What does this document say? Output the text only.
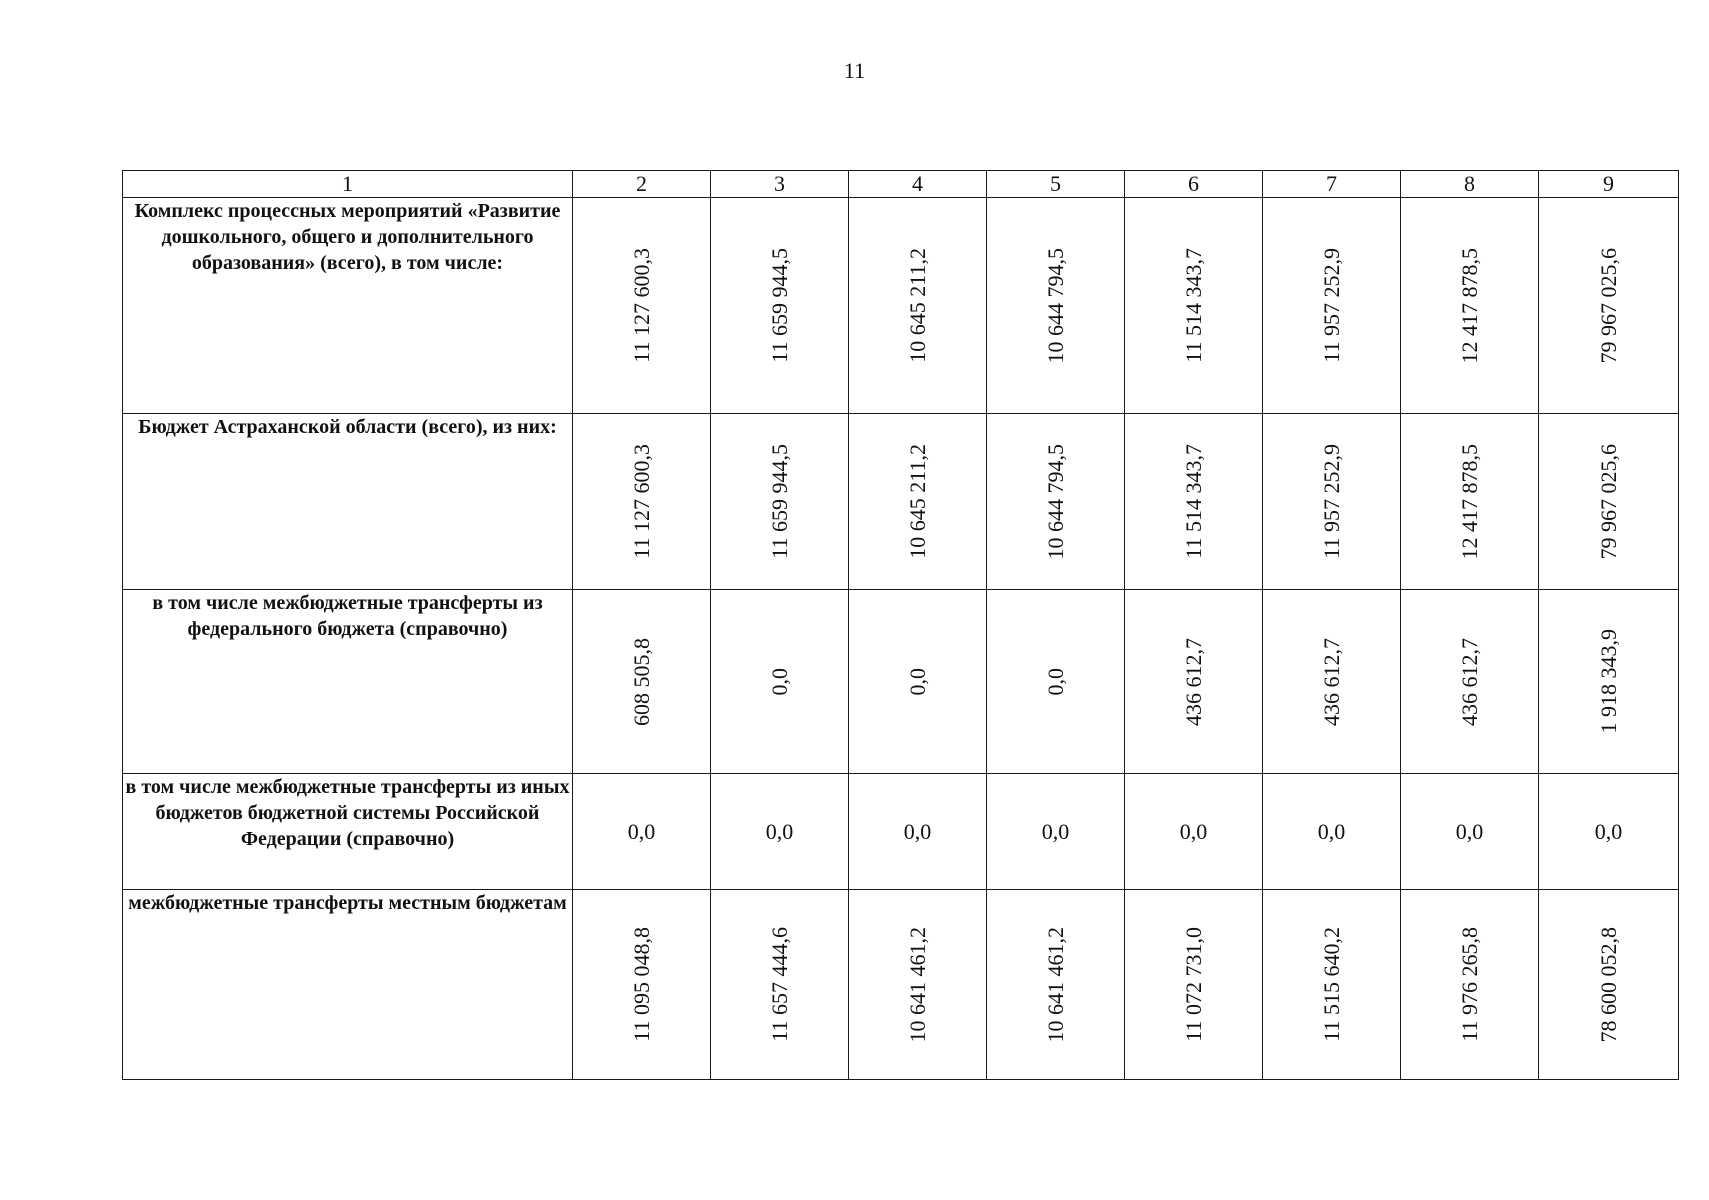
11
1	2	3	4	5	6	7	8	9
Комплекс процессных мероприятий «Развитие дошкольного, общего и дополнительного образования» (всего), в том числе:	11 127 600,3	11 659 944,5	10 645 211,2	10 644 794,5	11 514 343,7	11 957 252,9	12 417 878,5	79 967 025,6

Бюджет Астраханской области (всего), из них:	11 127 600,3	11 659 944,5	10 645 211,2	10 644 794,5	11 514 343,7	11 957 252,9	12 417 878,5	79 967 025,6

в том числе межбюджетные трансферты из федерального бюджета (справочно)	608 505,8	0,0	0,0	0,0	436 612,7	436 612,7	436 612,7	1 918 343,9

в том числе межбюджетные трансферты из иных бюджетов бюджетной системы Российской Федерации (справочно)	0,0	0,0	0,0	0,0	0,0	0,0	0,0	0,0
межбюджетные трансферты местным бюджетам	11 095 048,8	11 657 444,6	10 641 461,2	10 641 461,2	11 072 731,0	11 515 640,2	11 976 265,8	78 600 052,8
